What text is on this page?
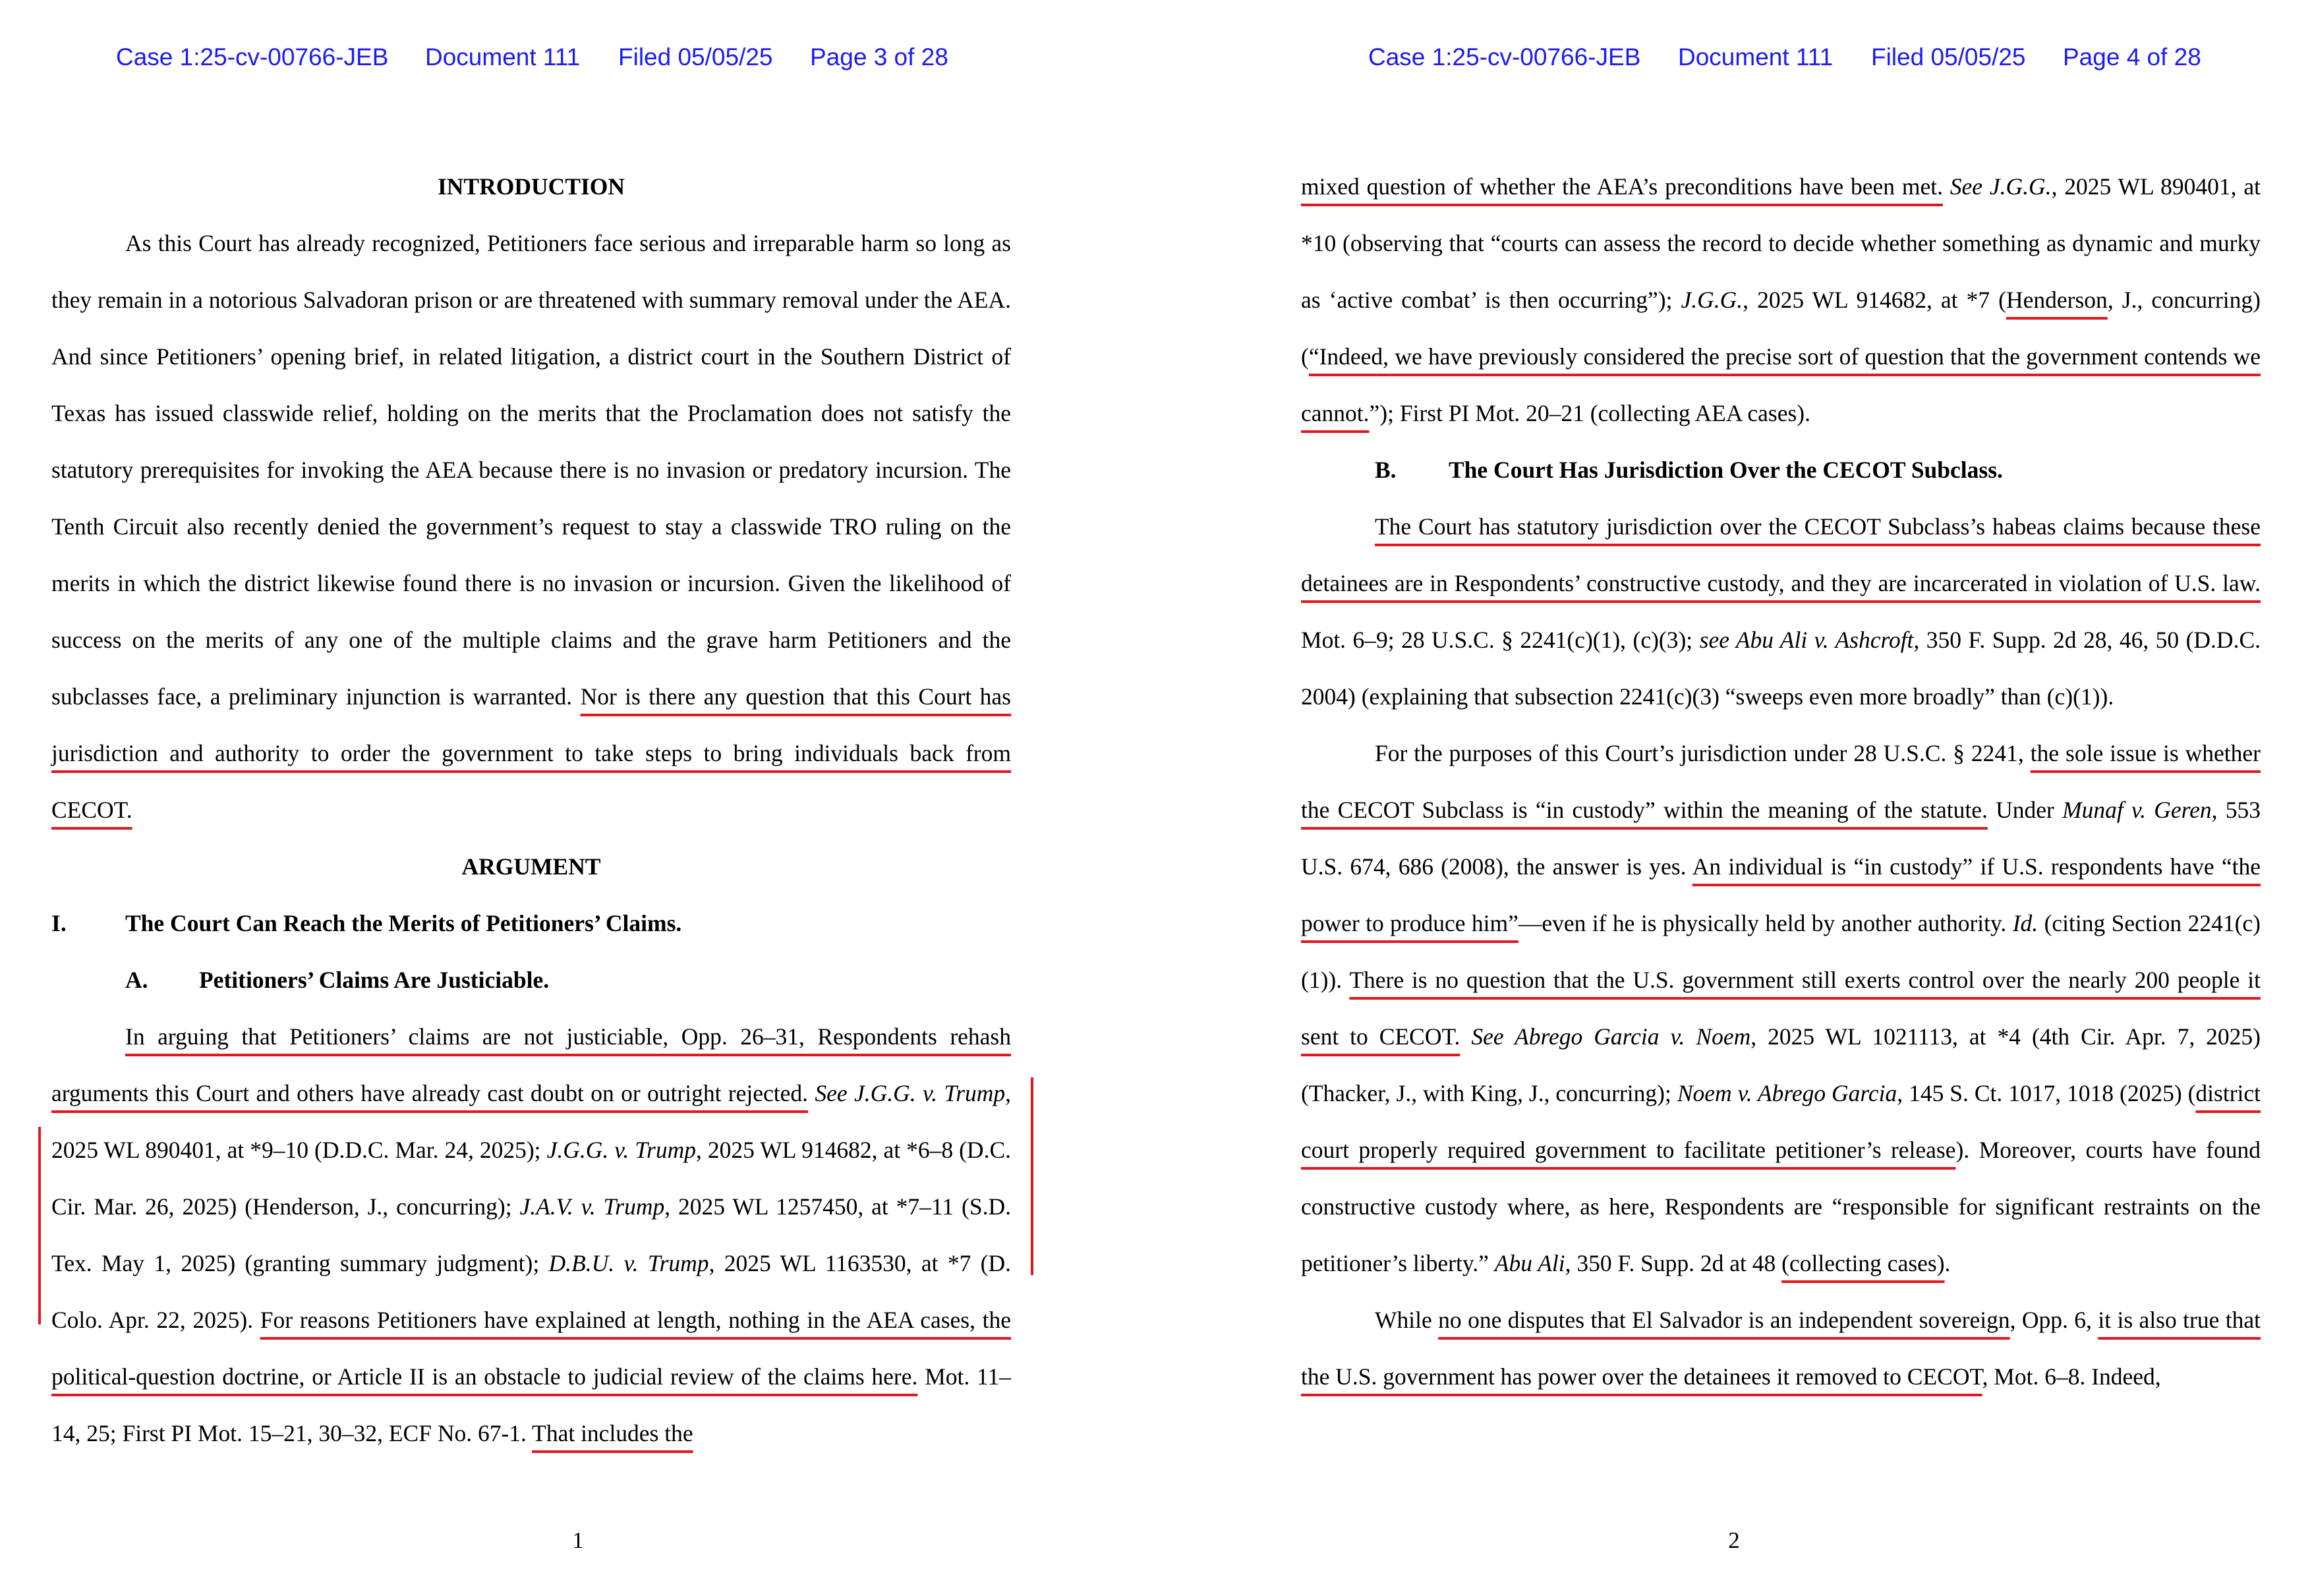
Case 1:25-cv-00766-JEB Document 111 Filed 05/05/25 Page 3 of 28

INTRODUCTION

As this Court has already recognized, Petitioners face serious and irreparable harm so long as they remain in a notorious Salvadoran prison or are threatened with summary removal under the AEA. And since Petitioners’ opening brief, in related litigation, a district court in the Southern District of Texas has issued classwide relief, holding on the merits that the Proclamation does not satisfy the statutory prerequisites for invoking the AEA because there is no invasion or predatory incursion. The Tenth Circuit also recently denied the government’s request to stay a classwide TRO ruling on the merits in which the district likewise found there is no invasion or incursion. Given the likelihood of success on the merits of any one of the multiple claims and the grave harm Petitioners and the subclasses face, a preliminary injunction is warranted. Nor is there any question that this Court has jurisdiction and authority to order the government to take steps to bring individuals back from CECOT.

ARGUMENT

I.	The Court Can Reach the Merits of Petitioners’ Claims.
A. Petitioners’ Claims Are Justiciable.

In arguing that Petitioners’ claims are not justiciable, Opp. 26–31, Respondents rehash arguments this Court and others have already cast doubt on or outright rejected. See J.G.G. v. Trump, 2025 WL 890401, at *9–10 (D.D.C. Mar. 24, 2025); J.G.G. v. Trump, 2025 WL 914682, at *6–8 (D.C. Cir. Mar. 26, 2025) (Henderson, J., concurring); J.A.V. v. Trump, 2025 WL 1257450, at *7–11 (S.D. Tex. May 1, 2025) (granting summary judgment); D.B.U. v. Trump, 2025 WL 1163530, at *7 (D. Colo. Apr. 22, 2025). For reasons Petitioners have explained at length, nothing in the AEA cases, the political-question doctrine, or Article II is an obstacle to judicial review of the claims here. Mot. 11–14, 25; First PI Mot. 15–21, 30–32, ECF No. 67-1. That includes the

1
Case 1:25-cv-00766-JEB Document 111 Filed 05/05/25 Page 4 of 28

mixed question of whether the AEA’s preconditions have been met. See J.G.G., 2025 WL 890401, at *10 (observing that “courts can assess the record to decide whether something as dynamic and murky as ‘active combat’ is then occurring”); J.G.G., 2025 WL 914682, at *7 (Henderson, J., concurring) (“Indeed, we have previously considered the precise sort of question that the government contends we cannot.”); First PI Mot. 20–21 (collecting AEA cases).

B. The Court Has Jurisdiction Over the CECOT Subclass.

The Court has statutory jurisdiction over the CECOT Subclass’s habeas claims because these detainees are in Respondents’ constructive custody, and they are incarcerated in violation of U.S. law. Mot. 6–9; 28 U.S.C. § 2241(c)(1), (c)(3); see Abu Ali v. Ashcroft, 350 F. Supp. 2d 28, 46, 50 (D.D.C. 2004) (explaining that subsection 2241(c)(3) “sweeps even more broadly” than (c)(1)).

For the purposes of this Court’s jurisdiction under 28 U.S.C. § 2241, the sole issue is whether the CECOT Subclass is “in custody” within the meaning of the statute. Under Munaf v. Geren, 553 U.S. 674, 686 (2008), the answer is yes. An individual is “in custody” if U.S. respondents have “the power to produce him”—even if he is physically held by another authority. Id. (citing Section 2241(c)(1)). There is no question that the U.S. government still exerts control over the nearly 200 people it sent to CECOT. See Abrego Garcia v. Noem, 2025 WL 1021113, at *4 (4th Cir. Apr. 7, 2025) (Thacker, J., with King, J., concurring); Noem v. Abrego Garcia, 145 S. Ct. 1017, 1018 (2025) (district court properly required government to facilitate petitioner’s release). Moreover, courts have found constructive custody where, as here, Respondents are “responsible for significant restraints on the petitioner’s liberty.” Abu Ali, 350 F. Supp. 2d at 48 (collecting cases).

While no one disputes that El Salvador is an independent sovereign, Opp. 6, it is also true that the U.S. government has power over the detainees it removed to CECOT, Mot. 6–8. Indeed,

2
